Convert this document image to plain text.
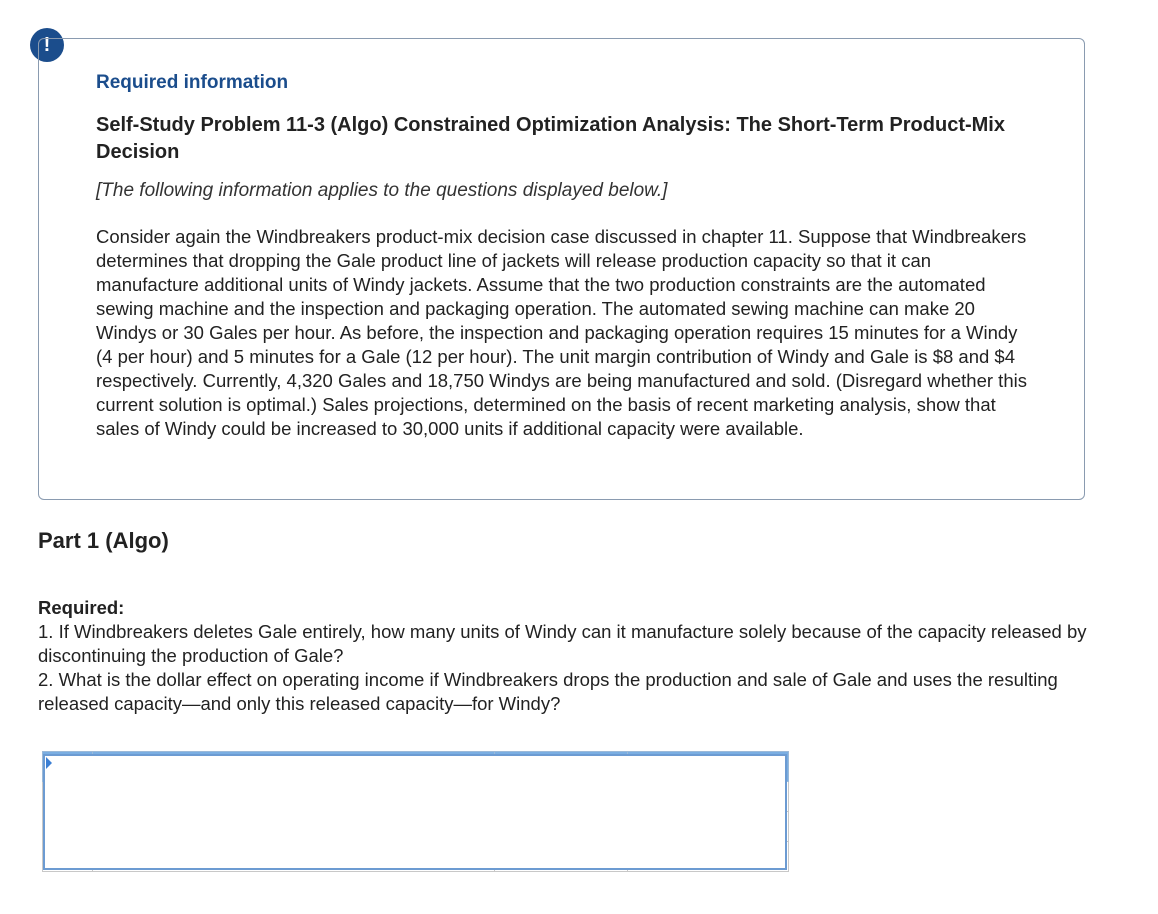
!
Required information
Self-Study Problem 11-3 (Algo) Constrained Optimization Analysis: The Short-Term Product-Mix Decision
[The following information applies to the questions displayed below.]
Consider again the Windbreakers product-mix decision case discussed in chapter 11. Suppose that Windbreakers determines that dropping the Gale product line of jackets will release production capacity so that it can manufacture additional units of Windy jackets. Assume that the two production constraints are the automated sewing machine and the inspection and packaging operation. The automated sewing machine can make 20 Windys or 30 Gales per hour. As before, the inspection and packaging operation requires 15 minutes for a Windy (4 per hour) and 5 minutes for a Gale (12 per hour). The unit margin contribution of Windy and Gale is $8 and $4 respectively. Currently, 4,320 Gales and 18,750 Windys are being manufactured and sold. (Disregard whether this current solution is optimal.) Sales projections, determined on the basis of recent marketing analysis, show that sales of Windy could be increased to 30,000 units if additional capacity were available.
Part 1 (Algo)
Required:
1. If Windbreakers deletes Gale entirely, how many units of Windy can it manufacture solely because of the capacity released by discontinuing the production of Gale?
2. What is the dollar effect on operating income if Windbreakers drops the production and sale of Gale and uses the resulting released capacity—and only this released capacity—for Windy?
